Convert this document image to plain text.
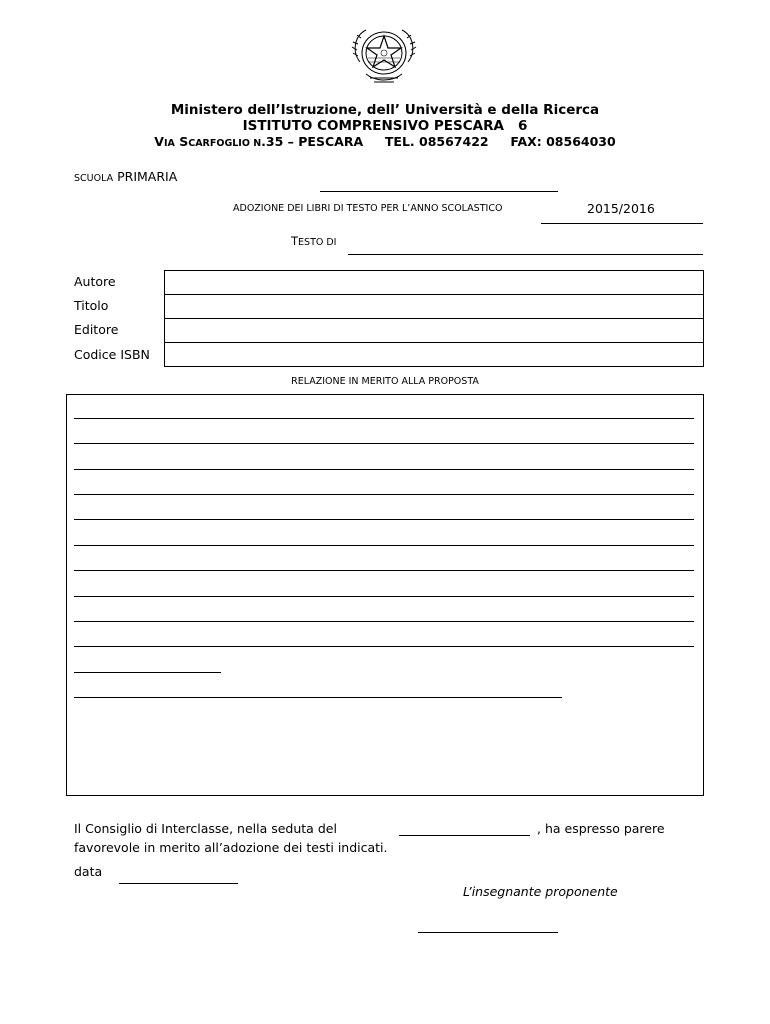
Ministero dell’Istruzione, dell’ Università e della Ricerca
ISTITUTO COMPRENSIVO PESCARA   6
VIA SCARFOGLIO N.35 – PESCARA     TEL. 08567422     FAX: 08564030
SCUOLA PRIMARIA
ADOZIONE DEI LIBRI DI TESTO PER L’ANNO SCOLASTICO	2015/2016
TESTO DI
Autore
Titolo
Editore
Codice ISBN

RELAZIONE IN MERITO ALLA PROPOSTA
Il Consiglio di Interclasse, nella seduta del	, ha espresso parere
favorevole in merito all’adozione dei testi indicati.
data
L’insegnante proponente
